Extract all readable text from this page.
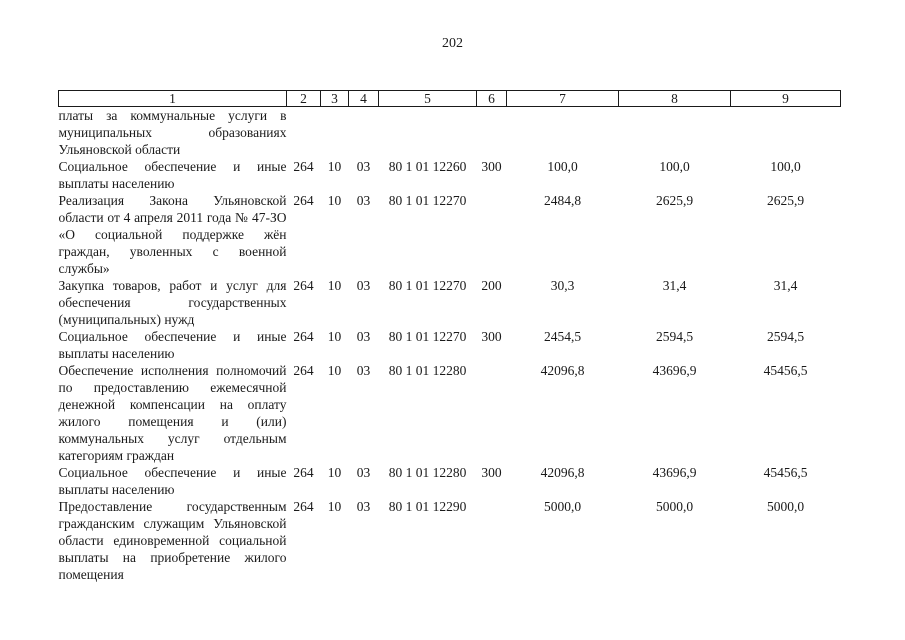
202
1	2	3	4	5	6	7	8	9
платы за коммунальные услуги в муниципальных образованиях Ульяновской области								
Социальное обеспечение и иные выплаты населению	264	10	03	80 1 01 12260	300	100,0	100,0	100,0
Реализация Закона Ульяновской области от 4 апреля 2011 года № 47-ЗО «О социальной поддержке жён граждан, уволенных с военной службы»	264	10	03	80 1 01 12270		2484,8	2625,9	2625,9
Закупка товаров, работ и услуг для обеспечения государственных (муниципальных) нужд	264	10	03	80 1 01 12270	200	30,3	31,4	31,4
Социальное обеспечение и иные выплаты населению	264	10	03	80 1 01 12270	300	2454,5	2594,5	2594,5
Обеспечение исполнения полномочий по предоставлению ежемесячной денежной компенсации на оплату жилого помещения и (или) коммунальных услуг отдельным категориям граждан	264	10	03	80 1 01 12280		42096,8	43696,9	45456,5
Социальное обеспечение и иные выплаты населению	264	10	03	80 1 01 12280	300	42096,8	43696,9	45456,5
Предоставление государственным гражданским служащим Ульяновской области единовременной социальной выплаты на приобретение жилого помещения	264	10	03	80 1 01 12290		5000,0	5000,0	5000,0
